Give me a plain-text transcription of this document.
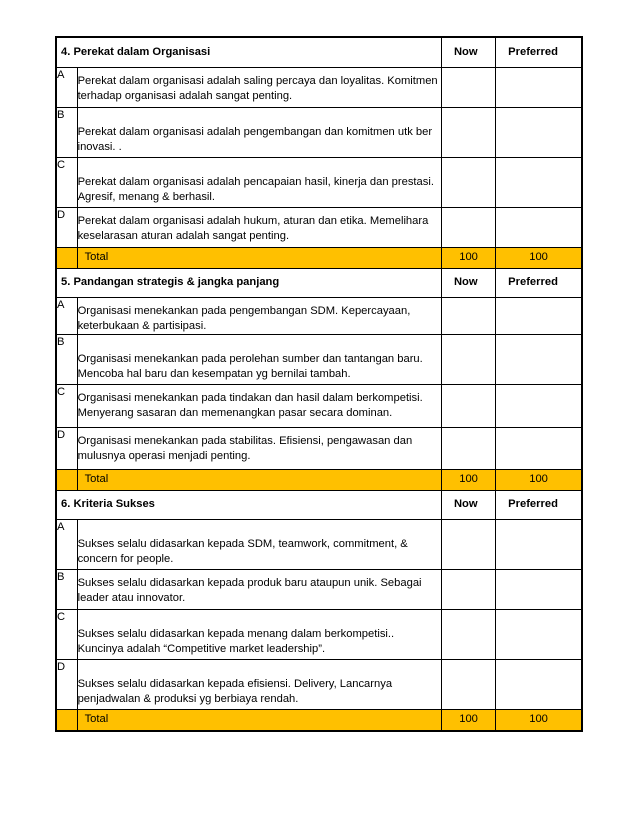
4. Perekat dalam Organisasi		Now	Preferred
A	Perekat dalam organisasi adalah saling percaya dan loyalitas. Komitmen terhadap organisasi adalah sangat penting.		
B	Perekat dalam organisasi adalah pengembangan dan komitmen utk ber inovasi. .		
C	Perekat dalam organisasi adalah pencapaian hasil, kinerja dan prestasi. Agresif, menang & berhasil.		
D	Perekat dalam organisasi adalah hukum, aturan dan etika. Memelihara keselarasan aturan adalah sangat penting.		
	Total	100	100
5. Pandangan strategis & jangka panjang		Now	Preferred
A	Organisasi menekankan pada pengembangan SDM. Kepercayaan, keterbukaan & partisipasi.		
B	Organisasi menekankan pada perolehan sumber dan tantangan baru. Mencoba hal baru dan kesempatan yg bernilai tambah.		
C	Organisasi menekankan pada tindakan dan hasil dalam berkompetisi. Menyerang sasaran dan memenangkan pasar secara dominan.		
D	Organisasi menekankan pada stabilitas. Efisiensi, pengawasan dan mulusnya operasi menjadi penting.		
	Total	100	100
6. Kriteria Sukses		Now	Preferred
A	Sukses selalu didasarkan kepada SDM, teamwork, commitment, & concern for people.		
B	Sukses selalu didasarkan kepada produk baru ataupun unik. Sebagai leader atau innovator.		
C	Sukses selalu didasarkan kepada menang dalam berkompetisi.. Kuncinya adalah “Competitive market leadership”.		
D	Sukses selalu didasarkan kepada efisiensi. Delivery, Lancarnya penjadwalan & produksi yg berbiaya rendah.		
	Total	100	100
